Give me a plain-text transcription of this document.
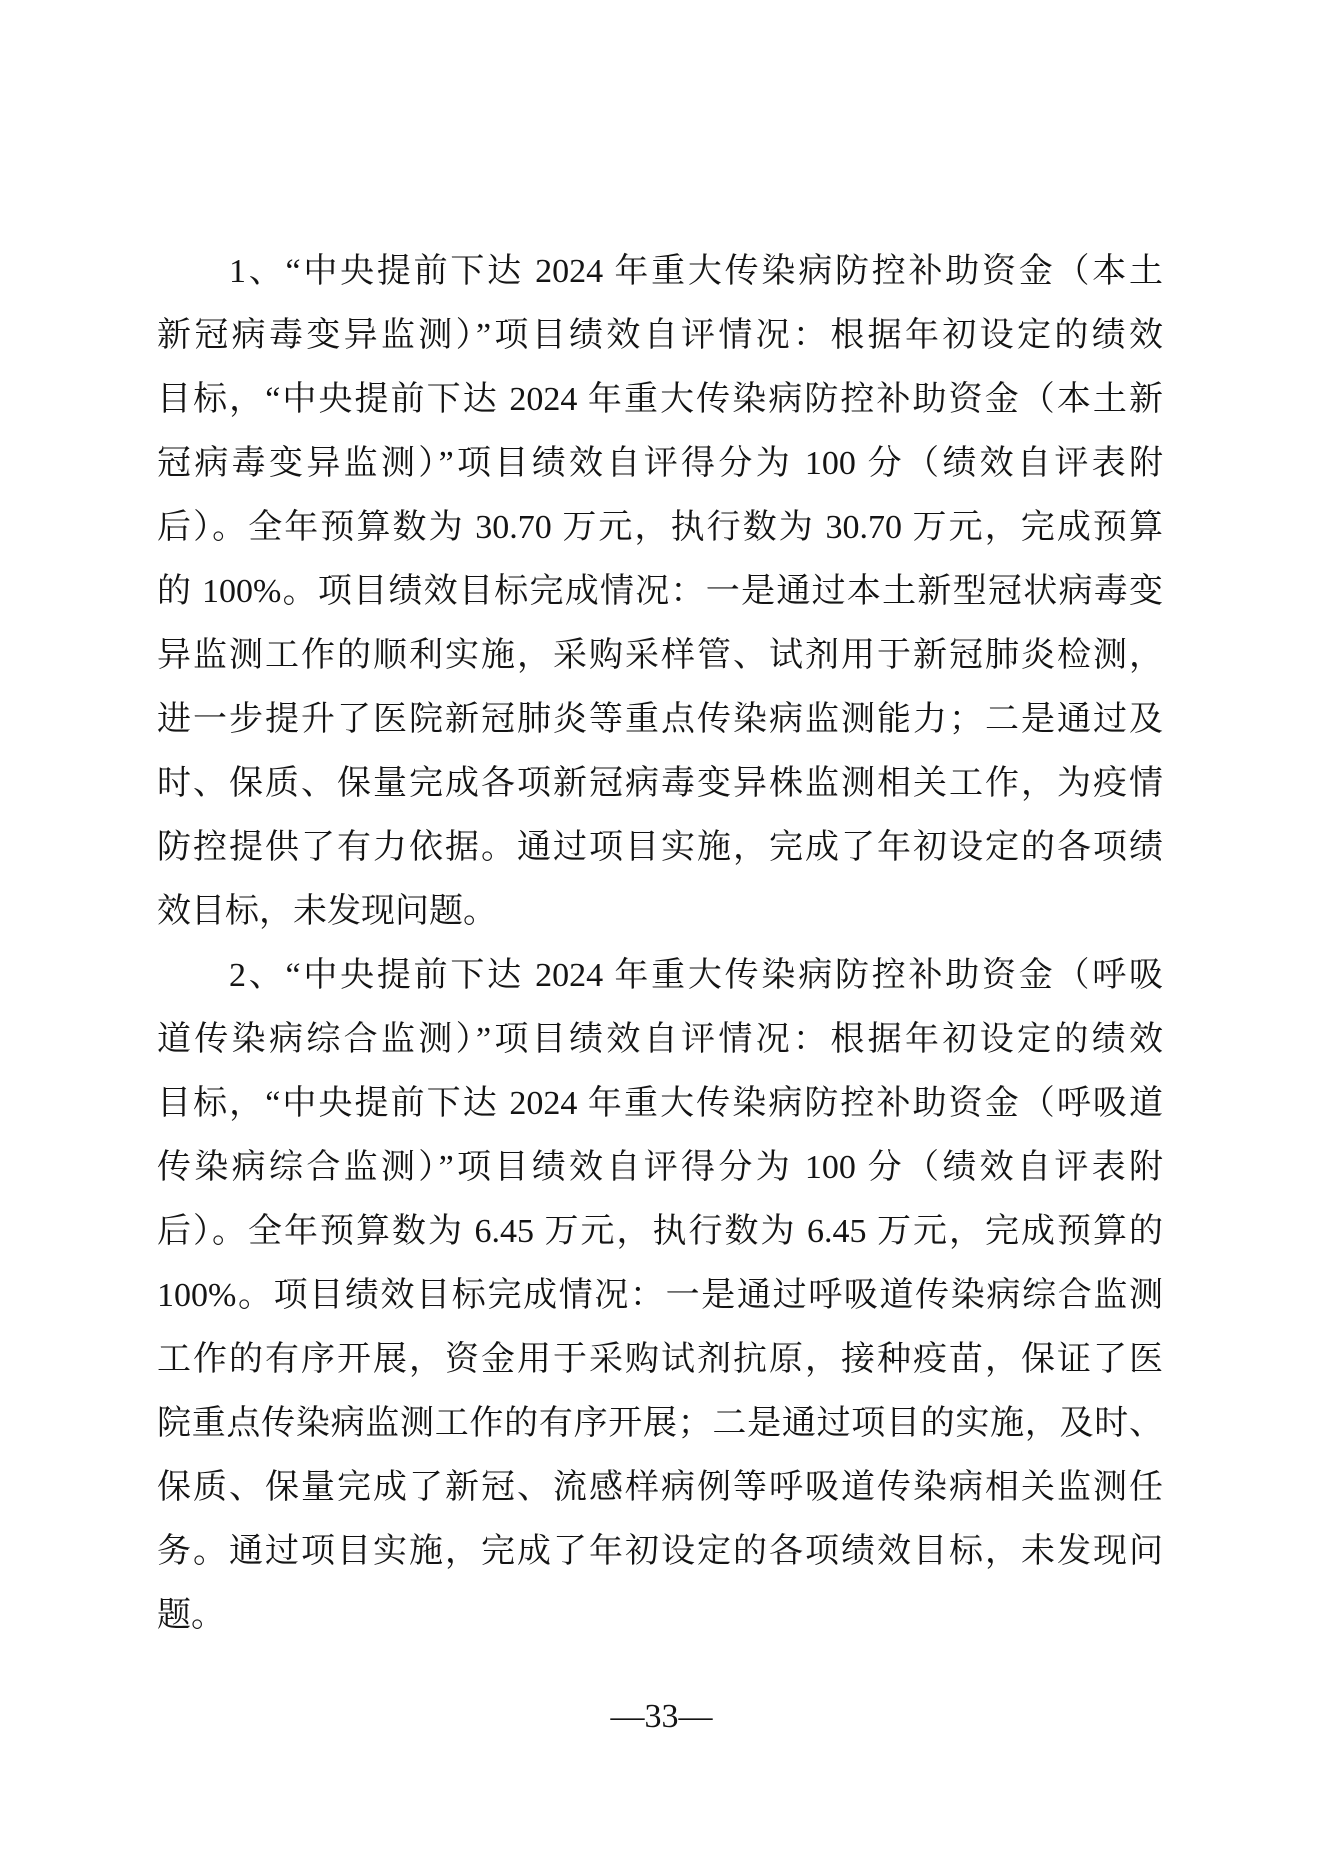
1、“中央提前下达 2024 年重大传染病防控补助资金（本土
新冠病毒变异监测）”项目绩效自评情况：根据年初设定的绩效
目标，“中央提前下达 2024 年重大传染病防控补助资金（本土新
冠病毒变异监测）”项目绩效自评得分为 100 分（绩效自评表附
后）。全年预算数为 30.70 万元，执行数为 30.70 万元，完成预算
的 100%。项目绩效目标完成情况：一是通过本土新型冠状病毒变
异监测工作的顺利实施，采购采样管、试剂用于新冠肺炎检测，
进一步提升了医院新冠肺炎等重点传染病监测能力；二是通过及
时、保质、保量完成各项新冠病毒变异株监测相关工作，为疫情
防控提供了有力依据。通过项目实施，完成了年初设定的各项绩
效目标，未发现问题。
2、“中央提前下达 2024 年重大传染病防控补助资金（呼吸
道传染病综合监测）”项目绩效自评情况：根据年初设定的绩效
目标，“中央提前下达 2024 年重大传染病防控补助资金（呼吸道
传染病综合监测）”项目绩效自评得分为 100 分（绩效自评表附
后）。全年预算数为 6.45 万元，执行数为 6.45 万元，完成预算的
100%。项目绩效目标完成情况：一是通过呼吸道传染病综合监测
工作的有序开展，资金用于采购试剂抗原，接种疫苗，保证了医
院重点传染病监测工作的有序开展；二是通过项目的实施，及时、
保质、保量完成了新冠、流感样病例等呼吸道传染病相关监测任
务。通过项目实施，完成了年初设定的各项绩效目标，未发现问
题。
—33—
